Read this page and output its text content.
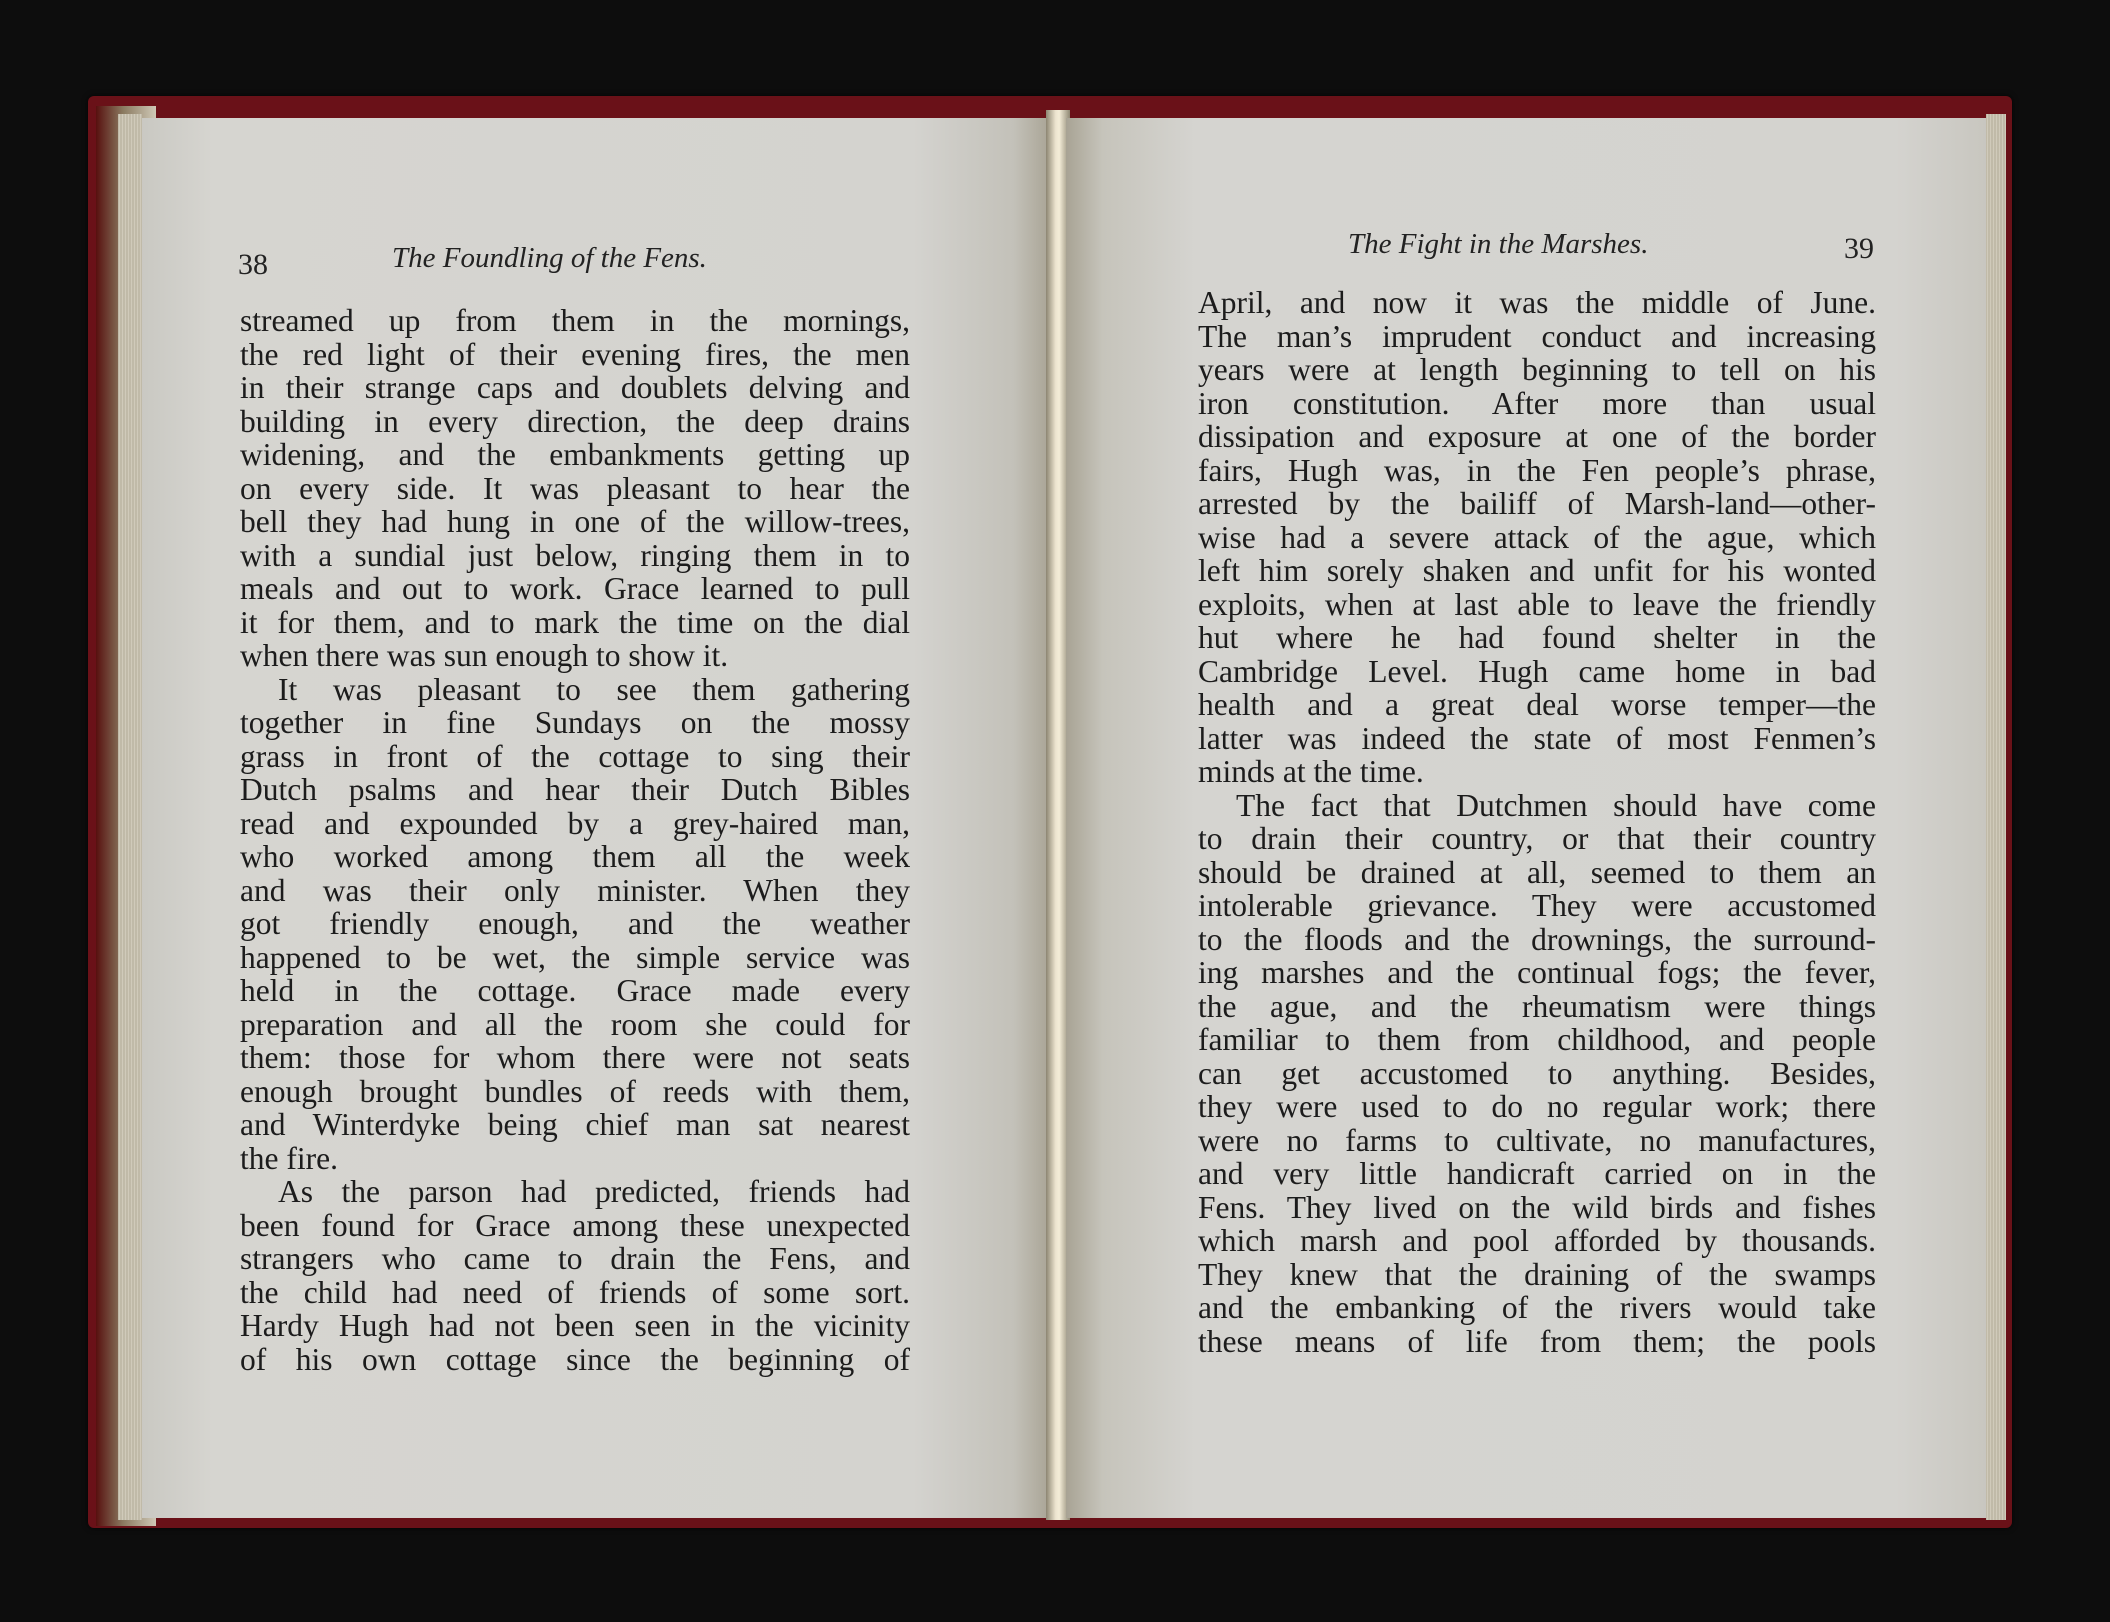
38	The Foundling of the Fens.
streamed up from them in the mornings,
the red light of their evening fires, the men
in their strange caps and doublets delving and
building in every direction, the deep drains
widening, and the embankments getting up
on every side. It was pleasant to hear the
bell they had hung in one of the willow-trees,
with a sundial just below, ringing them in to
meals and out to work. Grace learned to pull
it for them, and to mark the time on the dial
when there was sun enough to show it.
It was pleasant to see them gathering
together in fine Sundays on the mossy
grass in front of the cottage to sing their
Dutch psalms and hear their Dutch Bibles
read and expounded by a grey-haired man,
who worked among them all the week
and was their only minister. When they
got friendly enough, and the weather
happened to be wet, the simple service was
held in the cottage. Grace made every
preparation and all the room she could for
them: those for whom there were not seats
enough brought bundles of reeds with them,
and Winterdyke being chief man sat nearest
the fire.
As the parson had predicted, friends had
been found for Grace among these unexpected
strangers who came to drain the Fens, and
the child had need of friends of some sort.
Hardy Hugh had not been seen in the vicinity
of his own cottage since the beginning of
The Fight in the Marshes.	39
April, and now it was the middle of June.
The man’s imprudent conduct and increasing
years were at length beginning to tell on his
iron constitution. After more than usual
dissipation and exposure at one of the border
fairs, Hugh was, in the Fen people’s phrase,
arrested by the bailiff of Marsh-land—other-
wise had a severe attack of the ague, which
left him sorely shaken and unfit for his wonted
exploits, when at last able to leave the friendly
hut where he had found shelter in the
Cambridge Level. Hugh came home in bad
health and a great deal worse temper—the
latter was indeed the state of most Fenmen’s
minds at the time.
The fact that Dutchmen should have come
to drain their country, or that their country
should be drained at all, seemed to them an
intolerable grievance. They were accustomed
to the floods and the drownings, the surround-
ing marshes and the continual fogs; the fever,
the ague, and the rheumatism were things
familiar to them from childhood, and people
can get accustomed to anything. Besides,
they were used to do no regular work; there
were no farms to cultivate, no manufactures,
and very little handicraft carried on in the
Fens. They lived on the wild birds and fishes
which marsh and pool afforded by thousands.
They knew that the draining of the swamps
and the embanking of the rivers would take
these means of life from them; the pools
